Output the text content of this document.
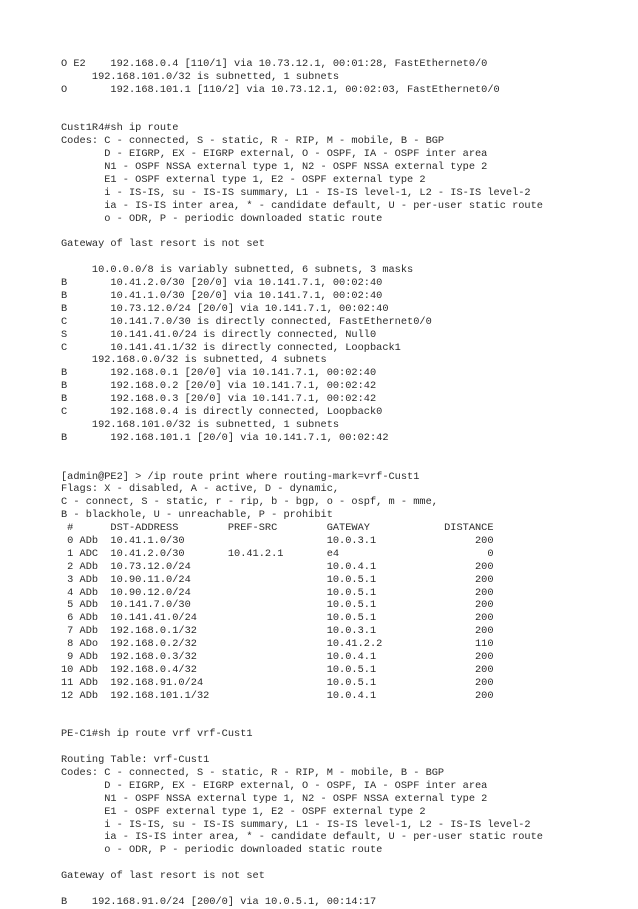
O E2    192.168.0.4 [110/1] via 10.73.12.1, 00:01:28, FastEthernet0/0
192.168.101.0/32 is subnetted, 1 subnets
O       192.168.101.1 [110/2] via 10.73.12.1, 00:02:03, FastEthernet0/0
Cust1R4#sh ip route
Codes: C - connected, S - static, R - RIP, M - mobile, B - BGP
D - EIGRP, EX - EIGRP external, O - OSPF, IA - OSPF inter area
N1 - OSPF NSSA external type 1, N2 - OSPF NSSA external type 2
E1 - OSPF external type 1, E2 - OSPF external type 2
i - IS-IS, su - IS-IS summary, L1 - IS-IS level-1, L2 - IS-IS level-2
ia - IS-IS inter area, * - candidate default, U - per-user static route
o - ODR, P - periodic downloaded static route
Gateway of last resort is not set
10.0.0.0/8 is variably subnetted, 6 subnets, 3 masks
B       10.41.2.0/30 [20/0] via 10.141.7.1, 00:02:40
B       10.41.1.0/30 [20/0] via 10.141.7.1, 00:02:40
B       10.73.12.0/24 [20/0] via 10.141.7.1, 00:02:40
C       10.141.7.0/30 is directly connected, FastEthernet0/0
S       10.141.41.0/24 is directly connected, Null0
C       10.141.41.1/32 is directly connected, Loopback1
192.168.0.0/32 is subnetted, 4 subnets
B       192.168.0.1 [20/0] via 10.141.7.1, 00:02:40
B       192.168.0.2 [20/0] via 10.141.7.1, 00:02:42
B       192.168.0.3 [20/0] via 10.141.7.1, 00:02:42
C       192.168.0.4 is directly connected, Loopback0
192.168.101.0/32 is subnetted, 1 subnets
B       192.168.101.1 [20/0] via 10.141.7.1, 00:02:42
[admin@PE2] > /ip route print where routing-mark=vrf-Cust1
Flags: X - disabled, A - active, D - dynamic,
C - connect, S - static, r - rip, b - bgp, o - ospf, m - mme,
B - blackhole, U - unreachable, P - prohibit
#      DST-ADDRESS        PREF-SRC        GATEWAY            DISTANCE
0 ADb  10.41.1.0/30                       10.0.3.1                200
1 ADC  10.41.2.0/30       10.41.2.1       e4                        0
2 ADb  10.73.12.0/24                      10.0.4.1                200
3 ADb  10.90.11.0/24                      10.0.5.1                200
4 ADb  10.90.12.0/24                      10.0.5.1                200
5 ADb  10.141.7.0/30                      10.0.5.1                200
6 ADb  10.141.41.0/24                     10.0.5.1                200
7 ADb  192.168.0.1/32                     10.0.3.1                200
8 ADo  192.168.0.2/32                     10.41.2.2               110
9 ADb  192.168.0.3/32                     10.0.4.1                200
10 ADb  192.168.0.4/32                     10.0.5.1                200
11 ADb  192.168.91.0/24                    10.0.5.1                200
12 ADb  192.168.101.1/32                   10.0.4.1                200
PE-C1#sh ip route vrf vrf-Cust1
Routing Table: vrf-Cust1
Codes: C - connected, S - static, R - RIP, M - mobile, B - BGP
D - EIGRP, EX - EIGRP external, O - OSPF, IA - OSPF inter area
N1 - OSPF NSSA external type 1, N2 - OSPF NSSA external type 2
E1 - OSPF external type 1, E2 - OSPF external type 2
i - IS-IS, su - IS-IS summary, L1 - IS-IS level-1, L2 - IS-IS level-2
ia - IS-IS inter area, * - candidate default, U - per-user static route
o - ODR, P - periodic downloaded static route
Gateway of last resort is not set
B    192.168.91.0/24 [200/0] via 10.0.5.1, 00:14:17
